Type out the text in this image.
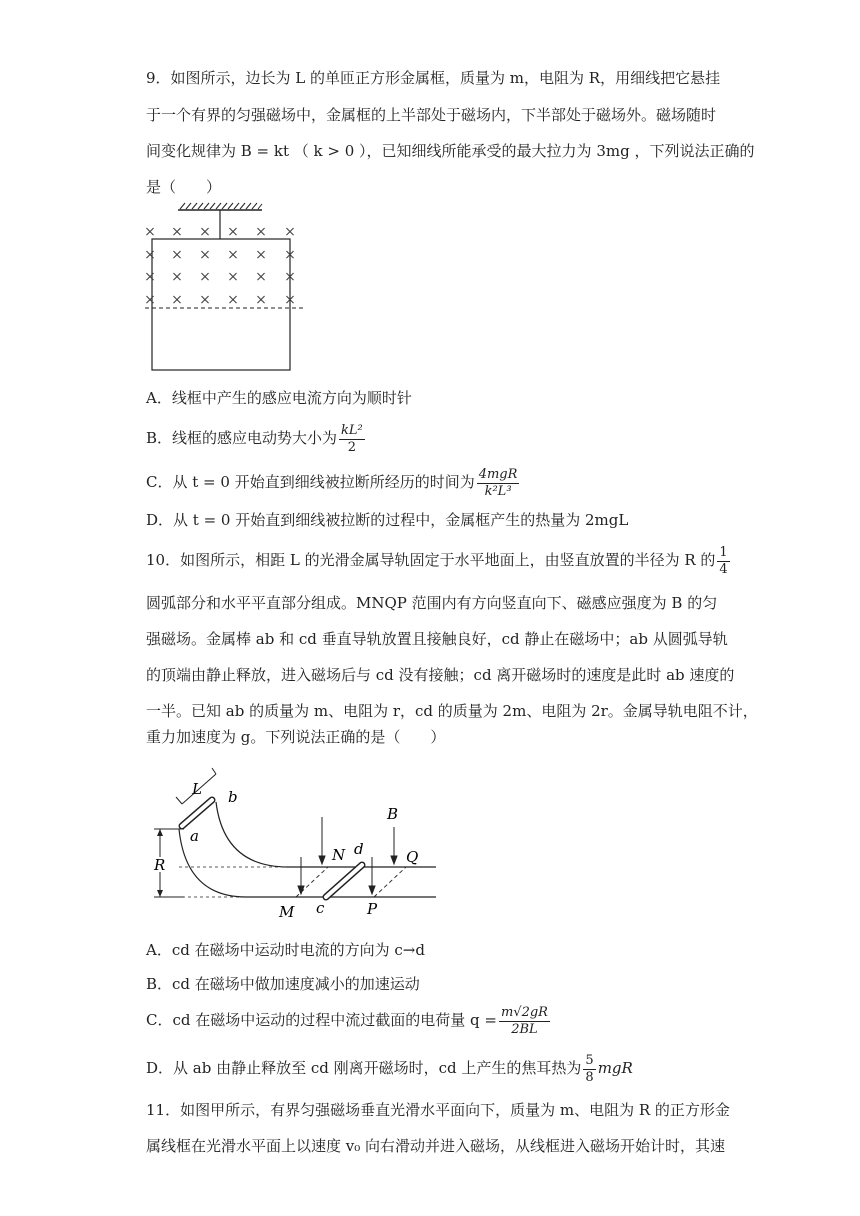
9．如图所示，边长为 L 的单匝正方形金属框，质量为 m，电阻为 R，用细线把它悬挂
于一个有界的匀强磁场中，金属框的上半部处于磁场内，下半部处于磁场外。磁场随时
间变化规律为 B = kt （ k > 0 ），已知细线所能承受的最大拉力为 3mg ，下列说法正确的
是（　　）
× × × × × ×
× × × × × ×
× × × × × ×
× × × × × ×
A．线框中产生的感应电流方向为顺时针
B．线框的感应电动势大小为 $\frac{\text{kL²}}{2}$
C．从 t = 0 开始直到细线被拉断所经历的时间为 $\frac{\text{4mgR}}{\text{k²L³}}$
D．从 t = 0 开始直到细线被拉断的过程中，金属框产生的热量为 2mgL
10．如图所示，相距 L 的光滑金属导轨固定于水平地面上，由竖直放置的半径为 R 的 $\frac{1}{4}$
圆弧部分和水平平直部分组成。MNQP 范围内有方向竖直向下、磁感应强度为 B 的匀
强磁场。金属棒 ab 和 cd 垂直导轨放置且接触良好，cd 静止在磁场中；ab 从圆弧导轨
的顶端由静止释放，进入磁场后与 cd 没有接触；cd 离开磁场时的速度是此时 ab 速度的
一半。已知 ab 的质量为 m、电阻为 r，cd 的质量为 2m、电阻为 2r。金属导轨电阻不计，
重力加速度为 g。下列说法正确的是（　　）
R
a
b
L
B
N d	Q
M c	P
A．cd 在磁场中运动时电流的方向为 c→d
B．cd 在磁场中做加速度减小的加速运动
C．cd 在磁场中运动的过程中流过截面的电荷量 $q = \frac{m√2gR}{2BL}$
D．从 ab 由静止释放至 cd 刚离开磁场时，cd 上产生的焦耳热为 $\frac{5}{8}$ mgR
11．如图甲所示，有界匀强磁场垂直光滑水平面向下，质量为 m、电阻为 R 的正方形金
属线框在光滑水平面上以速度 v₀ 向右滑动并进入磁场，从线框进入磁场开始计时，其速
